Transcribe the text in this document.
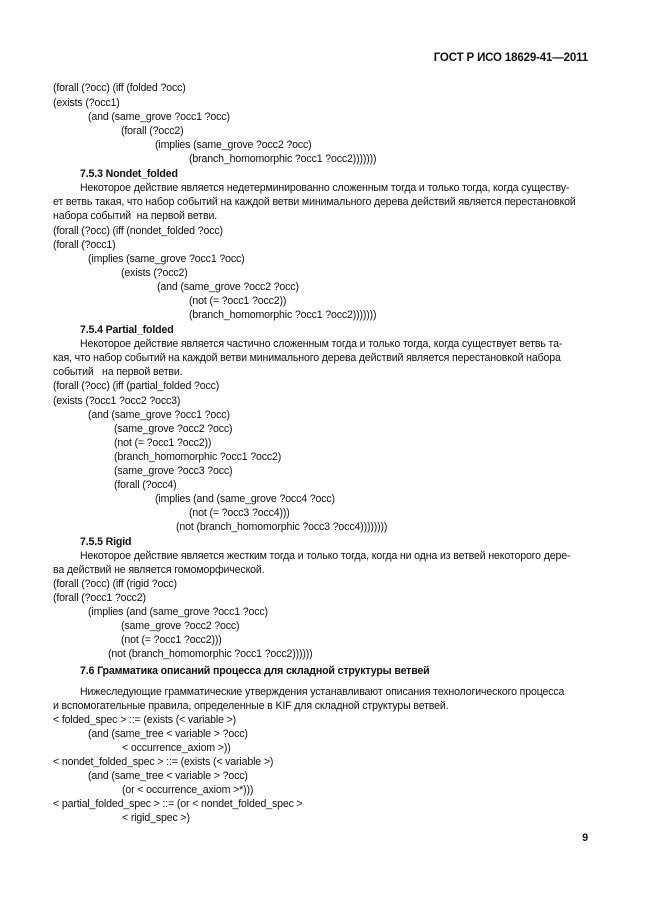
ГОСТ Р ИСО 18629-41—2011
(forall (?occ) (iff (folded ?occ)
(exists (?occ1)
(and (same_grove ?occ1 ?occ)
(forall (?occ2)
(implies (same_grove ?occ2 ?occ)
(branch_homomorphic ?occ1 ?occ2)))))))
7.5.3 Nondet_folded
Некоторое действие является недетерминированно сложенным тогда и только тогда, когда существу-
ет ветвь такая, что набор событий на каждой ветви минимального дерева действий является перестановкой
набора событий  на первой ветви.
(forall (?occ) (iff (nondet_folded ?occ)
(forall (?occ1)
(implies (same_grove ?occ1 ?occ)
(exists (?occ2)
(and (same_grove ?occ2 ?occ)
(not (= ?occ1 ?occ2))
(branch_homomorphic ?occ1 ?occ2)))))))
7.5.4 Partial_folded
Некоторое действие является частично сложенным тогда и только тогда, когда существует ветвь та-
кая, что набор событий на каждой ветви минимального дерева действий является перестановкой набора
событий   на первой ветви.
(forall (?occ) (iff (partial_folded ?occ)
(exists (?occ1 ?occ2 ?occ3)
(and (same_grove ?occ1 ?occ)
(same_grove ?occ2 ?occ)
(not (= ?occ1 ?occ2))
(branch_homomorphic ?occ1 ?occ2)
(same_grove ?occ3 ?occ)
(forall (?occ4)
(implies (and (same_grove ?occ4 ?occ)
(not (= ?occ3 ?occ4)))
(not (branch_homomorphic ?occ3 ?occ4))))))))
7.5.5 Rigid
Некоторое действие является жестким тогда и только тогда, когда ни одна из ветвей некоторого дере-
ва действий не является гомоморфической.
(forall (?occ) (iff (rigid ?occ)
(forall (?occ1 ?occ2)
(implies (and (same_grove ?occ1 ?occ)
(same_grove ?occ2 ?occ)
(not (= ?occ1 ?occ2)))
(not (branch_homomorphic ?occ1 ?occ2))))))
7.6 Грамматика описаний процесса для складной структуры ветвей
Нижеследующие грамматические утверждения устанавливают описания технологического процесса
и вспомогательные правила, определенные в KIF для складной структуры ветвей.
< folded_spec > ::= (exists (< variable >)
(and (same_tree < variable > ?occ)
< occurrence_axiom >))
< nondet_folded_spec > ::= (exists (< variable >)
(and (same_tree < variable > ?occ)
(or < occurrence_axiom >*)))
< partial_folded_spec > ::= (or < nondet_folded_spec >
< rigid_spec >)
9
